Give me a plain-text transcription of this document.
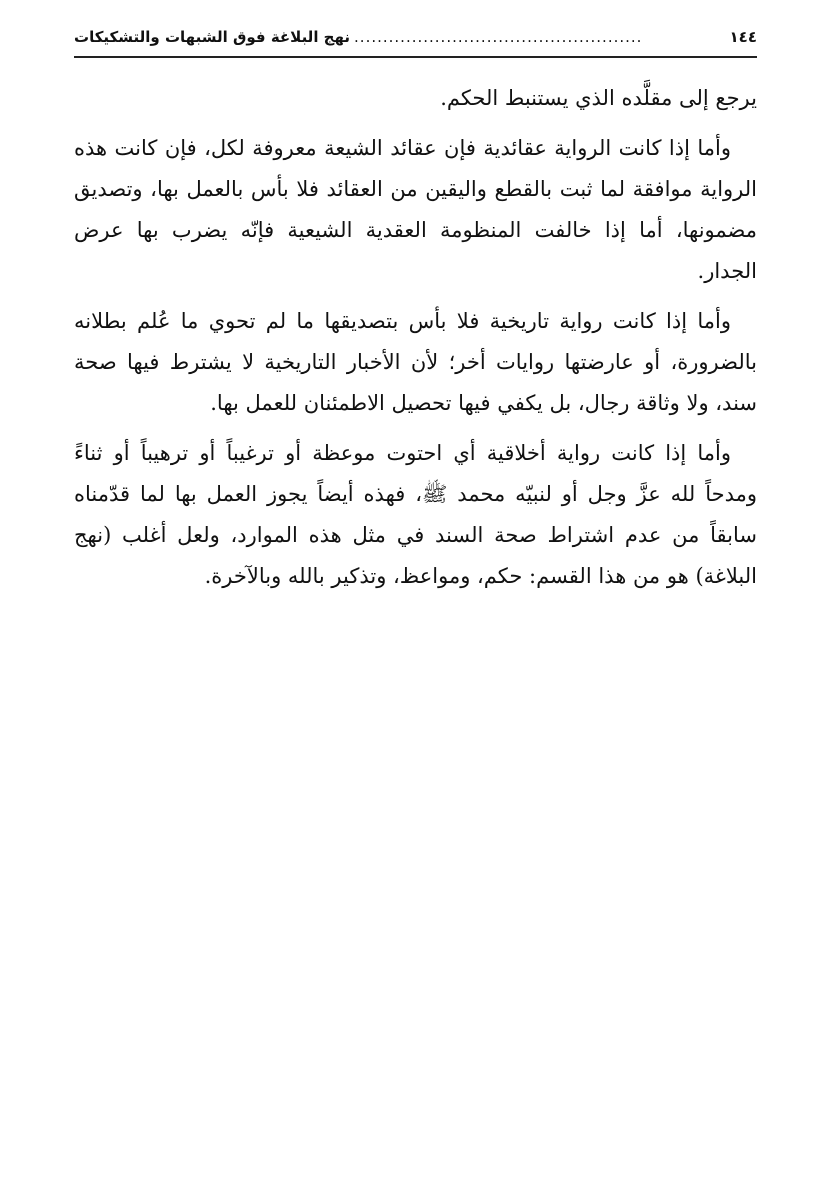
١٤٤
..................................................
نهج البلاغة فوق الشبهات والتشكيكات

يرجع إلى مقلَّده الذي يستنبط الحكم.

وأما إذا كانت الرواية عقائدية فإن عقائد الشيعة معروفة لكل، فإن كانت هذه الرواية موافقة لما ثبت بالقطع واليقين من العقائد فلا بأس بالعمل بها، وتصديق مضمونها، أما إذا خالفت المنظومة العقدية الشيعية فإنّه يضرب بها عرض الجدار.

وأما إذا كانت رواية تاريخية فلا بأس بتصديقها ما لم تحوي ما عُلم بطلانه بالضرورة، أو عارضتها روايات أخر؛ لأن الأخبار التاريخية لا يشترط فيها صحة سند، ولا وثاقة رجال، بل يكفي فيها تحصيل الاطمئنان للعمل بها.

وأما إذا كانت رواية أخلاقية أي احتوت موعظة أو ترغيباً أو ترهيباً أو ثناءً ومدحاً لله عزَّ وجل أو لنبيّه محمد ﷺ، فهذه أيضاً يجوز العمل بها لما قدّمناه سابقاً من عدم اشتراط صحة السند في مثل هذه الموارد، ولعل أغلب (نهج البلاغة) هو من هذا القسم: حكم، ومواعظ، وتذكير بالله وبالآخرة.
